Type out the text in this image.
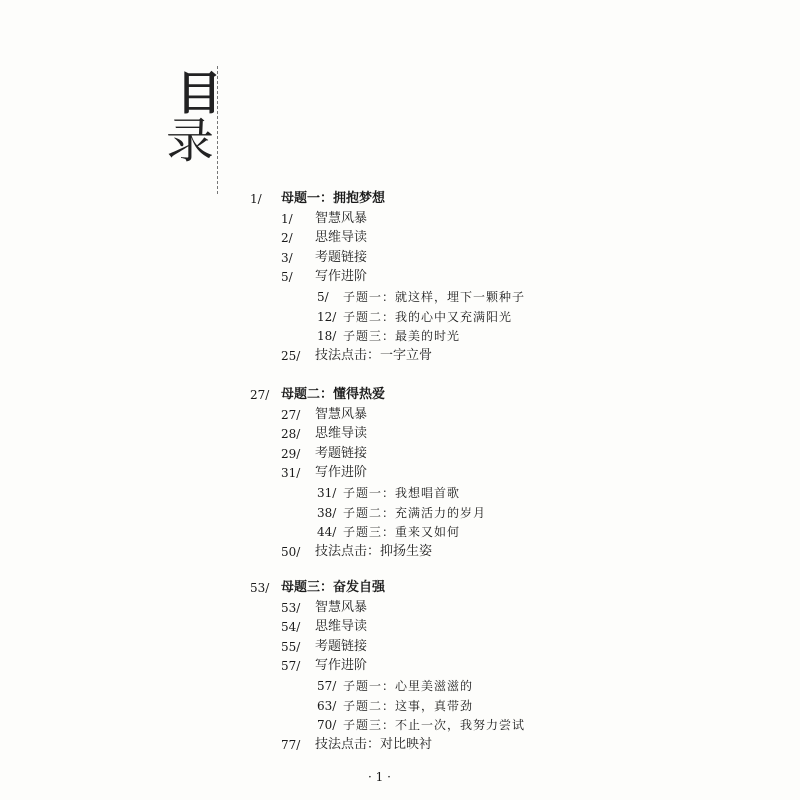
目
录
1/ 母题一：拥抱梦想
1/ 智慧风暴
2/ 思维导读
3/ 考题链接
5/ 写作进阶
5/ 子题一：就这样，埋下一颗种子
12/ 子题二：我的心中又充满阳光
18/ 子题三：最美的时光
25/ 技法点击：一字立骨
27/ 母题二：懂得热爱
27/ 智慧风暴
28/ 思维导读
29/ 考题链接
31/ 写作进阶
31/ 子题一：我想唱首歌
38/ 子题二：充满活力的岁月
44/ 子题三：重来又如何
50/ 技法点击：抑扬生姿
53/ 母题三：奋发自强
53/ 智慧风暴
54/ 思维导读
55/ 考题链接
57/ 写作进阶
57/ 子题一：心里美滋滋的
63/ 子题二：这事，真带劲
70/ 子题三：不止一次，我努力尝试
77/ 技法点击：对比映衬
· 1 ·
